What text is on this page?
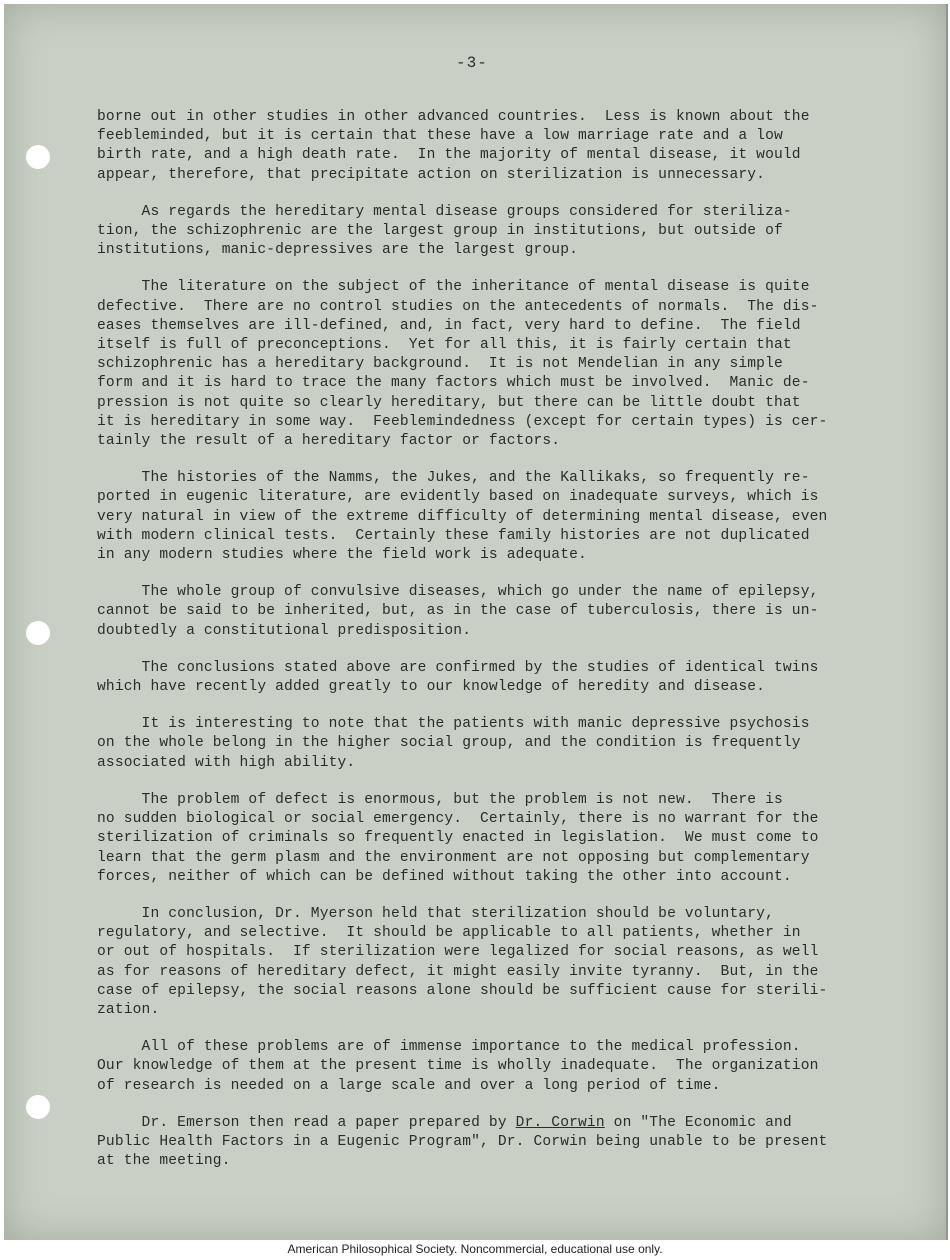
-3-
borne out in other studies in other advanced countries.  Less is known about the
feebleminded, but it is certain that these have a low marriage rate and a low
birth rate, and a high death rate.  In the majority of mental disease, it would
appear, therefore, that precipitate action on sterilization is unnecessary.
As regards the hereditary mental disease groups considered for steriliza-
tion, the schizophrenic are the largest group in institutions, but outside of
institutions, manic-depressives are the largest group.
The literature on the subject of the inheritance of mental disease is quite
defective.  There are no control studies on the antecedents of normals.  The dis-
eases themselves are ill-defined, and, in fact, very hard to define.  The field
itself is full of preconceptions.  Yet for all this, it is fairly certain that
schizophrenic has a hereditary background.  It is not Mendelian in any simple
form and it is hard to trace the many factors which must be involved.  Manic de-
pression is not quite so clearly hereditary, but there can be little doubt that
it is hereditary in some way.  Feeblemindedness (except for certain types) is cer-
tainly the result of a hereditary factor or factors.
The histories of the Namms, the Jukes, and the Kallikaks, so frequently re-
ported in eugenic literature, are evidently based on inadequate surveys, which is
very natural in view of the extreme difficulty of determining mental disease, even
with modern clinical tests.  Certainly these family histories are not duplicated
in any modern studies where the field work is adequate.
The whole group of convulsive diseases, which go under the name of epilepsy,
cannot be said to be inherited, but, as in the case of tuberculosis, there is un-
doubtedly a constitutional predisposition.
The conclusions stated above are confirmed by the studies of identical twins
which have recently added greatly to our knowledge of heredity and disease.
It is interesting to note that the patients with manic depressive psychosis
on the whole belong in the higher social group, and the condition is frequently
associated with high ability.
The problem of defect is enormous, but the problem is not new.  There is
no sudden biological or social emergency.  Certainly, there is no warrant for the
sterilization of criminals so frequently enacted in legislation.  We must come to
learn that the germ plasm and the environment are not opposing but complementary
forces, neither of which can be defined without taking the other into account.
In conclusion, Dr. Myerson held that sterilization should be voluntary,
regulatory, and selective.  It should be applicable to all patients, whether in
or out of hospitals.  If sterilization were legalized for social reasons, as well
as for reasons of hereditary defect, it might easily invite tyranny.  But, in the
case of epilepsy, the social reasons alone should be sufficient cause for sterili-
zation.
All of these problems are of immense importance to the medical profession.
Our knowledge of them at the present time is wholly inadequate.  The organization
of research is needed on a large scale and over a long period of time.
Dr. Emerson then read a paper prepared by Dr. Corwin on "The Economic and
Public Health Factors in a Eugenic Program", Dr. Corwin being unable to be present
at the meeting.
American Philosophical Society. Noncommercial, educational use only.
